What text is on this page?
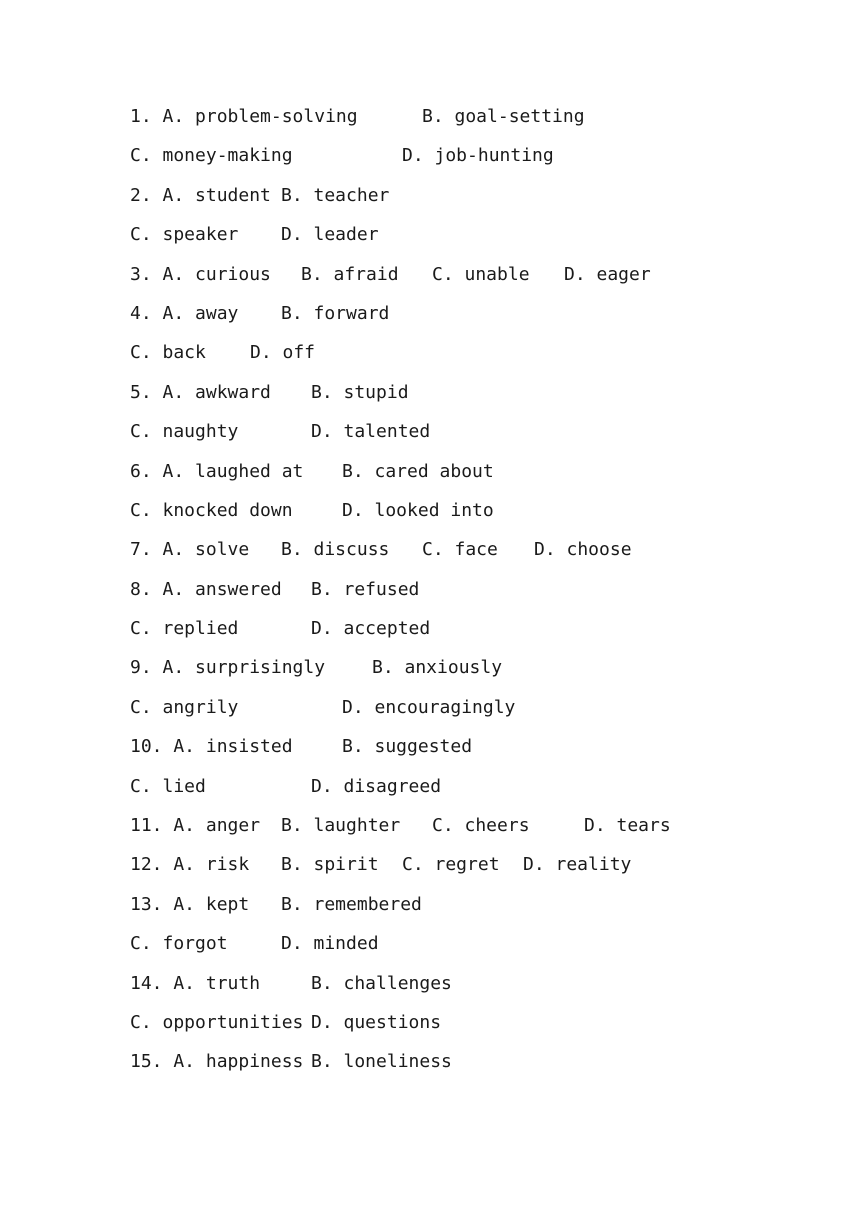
1. A. problem-solving

	B. goal-setting

C. money-making

	D. job-hunting

2. A. student

B. teacher

C. speaker

D. leader

3. A. curious

B. afraid

C. unable

D. eager

4. A. away

B. forward

C. back

D. off

5. A. awkward

B. stupid

C. naughty

	D. talented

6. A. laughed at

B. cared about

C. knocked down

	D. looked into

7. A. solve

B. discuss

C. face

D. choose

8. A. answered

B. refused

C. replied

	D. accepted

9. A. surprisingly

	B. anxiously

C. angrily

	D. encouragingly

10. A. insisted

	B. suggested

C. lied

	D. disagreed

11. A. anger

B. laughter

C. cheers

	D. tears

12. A. risk

B. spirit

C. regret

D. reality

13. A. kept

B. remembered

C. forgot

	D. minded

14. A. truth

	B. challenges

C. opportunities

D. questions

15. A. happiness

B. loneliness
